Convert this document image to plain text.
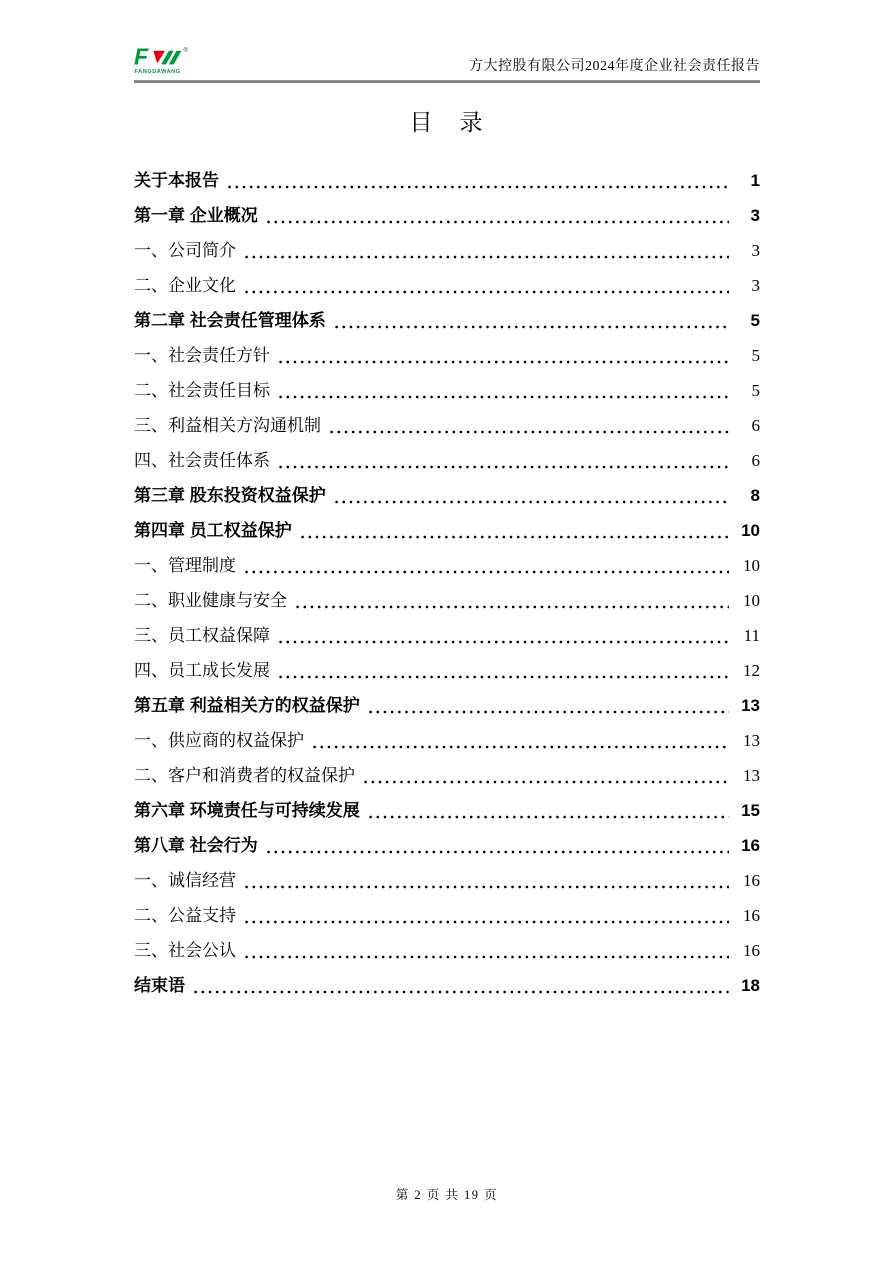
F	®
FANGDAWANG	方大控股有限公司2024年度企业社会责任报告
目　录
关于本报告	1
第一章 企业概况	3
一、公司简介	3
二、企业文化	3
第二章 社会责任管理体系	5
一、社会责任方针	5
二、社会责任目标	5
三、利益相关方沟通机制	6
四、社会责任体系	6
第三章 股东投资权益保护	8
第四章 员工权益保护	10
一、管理制度	10
二、职业健康与安全	10
三、员工权益保障	11
四、员工成长发展	12
第五章 利益相关方的权益保护	13
一、供应商的权益保护	13
二、客户和消费者的权益保护	13
第六章 环境责任与可持续发展	15
第八章 社会行为	16
一、诚信经营	16
二、公益支持	16
三、社会公认	16
结束语	18
第 2 页 共 19 页
